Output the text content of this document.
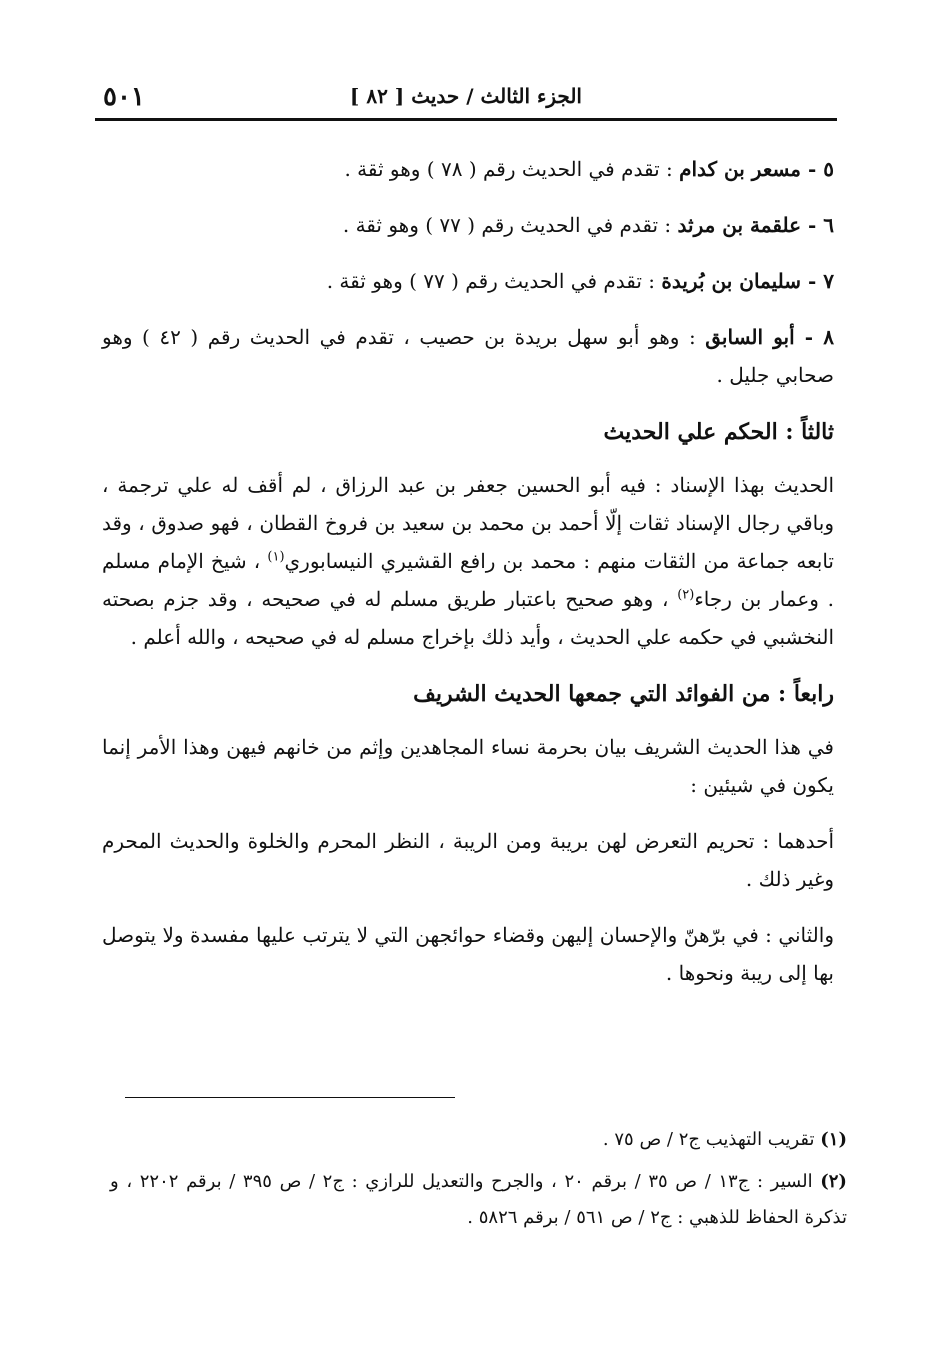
الجزء الثالث / حديث [ ٨٢ ]
٥٠١

٥ - مسعر بن كدام : تقدم في الحديث رقم ( ٧٨ ) وهو ثقة .

٦ - علقمة بن مرثد : تقدم في الحديث رقم ( ٧٧ ) وهو ثقة .

٧ - سليمان بن بُريدة : تقدم في الحديث رقم ( ٧٧ ) وهو ثقة .

٨ - أبو السابق : وهو أبو سهل بريدة بن حصيب ، تقدم في الحديث رقم ( ٤٢ ) وهو صحابي جليل .

ثالثاً : الحكم علي الحديث

الحديث بهذا الإسناد : فيه أبو الحسين جعفر بن عبد الرزاق ، لم أقف له علي ترجمة ، وباقي رجال الإسناد ثقات إلّا أحمد بن محمد بن سعيد بن فروخ القطان ، فهو صدوق ، وقد تابعه جماعة من الثقات منهم : محمد بن رافع القشيري النيسابوري$^{(١)}$ ، شيخ الإمام مسلم . وعمار بن رجاء$^{(٢)}$ ، وهو صحيح باعتبار طريق مسلم له في صحيحه ، وقد جزم بصحته النخشبي في حكمه علي الحديث ، وأيد ذلك بإخراج مسلم له في صحيحه ، والله أعلم .

رابعاً : من الفوائد التي جمعها الحديث الشريف

في هذا الحديث الشريف بيان بحرمة نساء المجاهدين وإثم من خانهم فيهن وهذا الأمر إنما يكون في شيئين :

أحدهما : تحريم التعرض لهن بريبة ومن الريبة ، النظر المحرم والخلوة والحديث المحرم وغير ذلك .

والثاني : في برّهنّ والإحسان إليهن وقضاء حوائجهن التي لا يترتب عليها مفسدة ولا يتوصل بها إلى ريبة ونحوها .

(١) تقريب التهذيب ج٢ / ص ٧٥ .

(٢) السير : ج١٣ / ص ٣٥ / برقم ٢٠ ، والجرح والتعديل للرازي : ج٢ / ص ٣٩٥ / برقم ٢٢٠٢ ، و تذكرة الحفاظ للذهبي : ج٢ / ص ٥٦١ / برقم ٥٨٢٦ .
